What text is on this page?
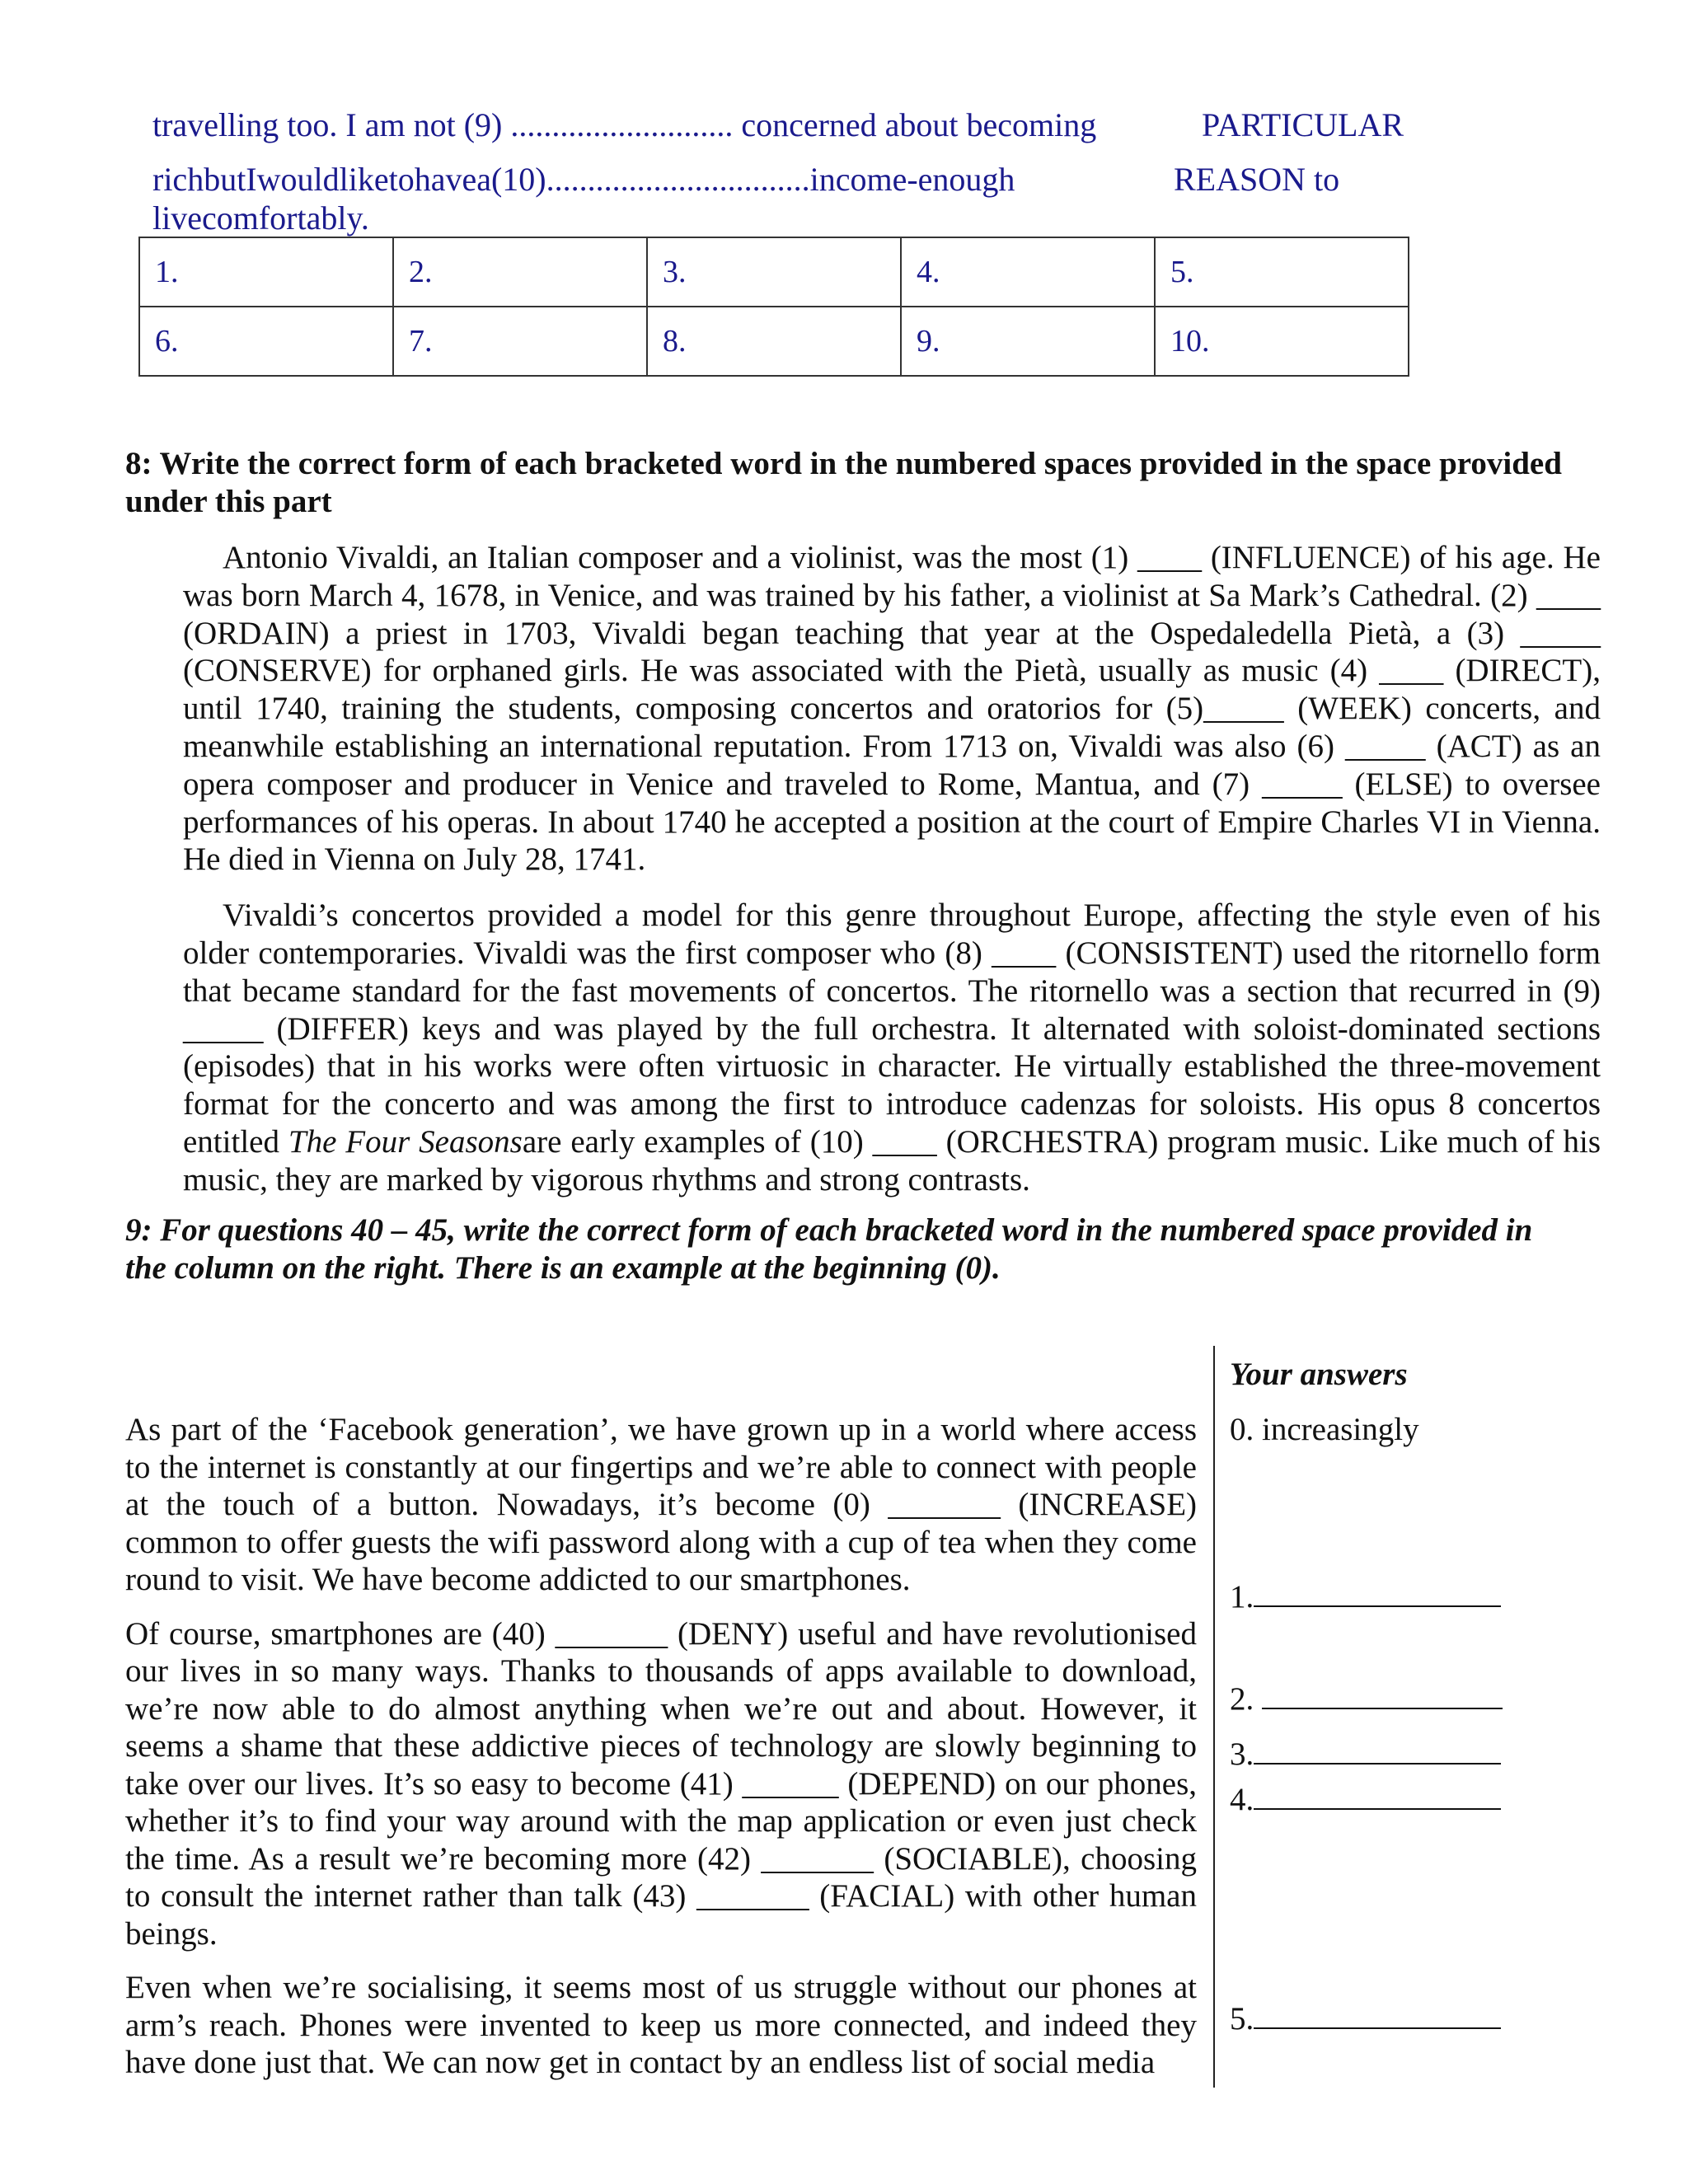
travelling too. I am not (9) ........................... concerned about becoming	PARTICULAR
richbutIwouldliketohavea(10)................................income-enough	REASON to
livecomfortably.
1.	2.	3.	4.	5.
6.	7.	8.	9.	10.
8: Write the correct form of each bracketed word in the numbered spaces provided in the space provided under this part

Antonio Vivaldi, an Italian composer and a violinist, was the most (1) ____ (INFLUENCE) of his age. He was born March 4, 1678, in Venice, and was trained by his father, a violinist at Sa Mark’s Cathedral. (2) ____ (ORDAIN) a priest in 1703, Vivaldi began teaching that year at the Ospedaledella Pietà, a (3) _____ (CONSERVE) for orphaned girls. He was associated with the Pietà, usually as music (4) ____ (DIRECT), until 1740, training the students, composing concertos and oratorios for (5)_____ (WEEK) concerts, and meanwhile establishing an international reputation. From 1713 on, Vivaldi was also (6) _____ (ACT) as an opera composer and producer in Venice and traveled to Rome, Mantua, and (7) _____ (ELSE) to oversee performances of his operas. In about 1740 he accepted a position at the court of Empire Charles VI in Vienna. He died in Vienna on July 28, 1741.

Vivaldi’s concertos provided a model for this genre throughout Europe, affecting the style even of his older contemporaries. Vivaldi was the first composer who (8) ____ (CONSISTENT) used the ritornello form that became standard for the fast movements of concertos. The ritornello was a section that recurred in (9) _____ (DIFFER) keys and was played by the full orchestra. It alternated with soloist-dominated sections (episodes) that in his works were often virtuosic in character. He virtually established the three-movement format for the concerto and was among the first to introduce cadenzas for soloists. His opus 8 concertos entitled The Four Seasonsare early examples of (10) ____ (ORCHESTRA) program music. Like much of his music, they are marked by vigorous rhythms and strong contrasts.

9: For questions 40 – 45, write the correct form of each bracketed word in the numbered space provided in the column on the right. There is an example at the beginning (0).

As part of the ‘Facebook generation’, we have grown up in a world where access to the internet is constantly at our fingertips and we’re able to connect with people at the touch of a button. Nowadays, it’s become (0) _______ (INCREASE) common to offer guests the wifi password along with a cup of tea when they come round to visit. We have become addicted to our smartphones.

Of course, smartphones are (40) _______ (DENY) useful and have revolutionised our lives in so many ways. Thanks to thousands of apps available to download, we’re now able to do almost anything when we’re out and about. However, it seems a shame that these addictive pieces of technology are slowly beginning to take over our lives. It’s so easy to become (41) ______ (DEPEND) on our phones, whether it’s to find your way around with the map application or even just check the time. As a result we’re becoming more (42) _______ (SOCIABLE), choosing to consult the internet rather than talk (43) _______ (FACIAL) with other human beings.

Even when we’re socialising, it seems most of us struggle without our phones at arm’s reach. Phones were invented to keep us more connected, and indeed they have done just that. We can now get in contact by an endless list of social media

Your answers
0. increasingly
1.
2.
3.
4.
5.
